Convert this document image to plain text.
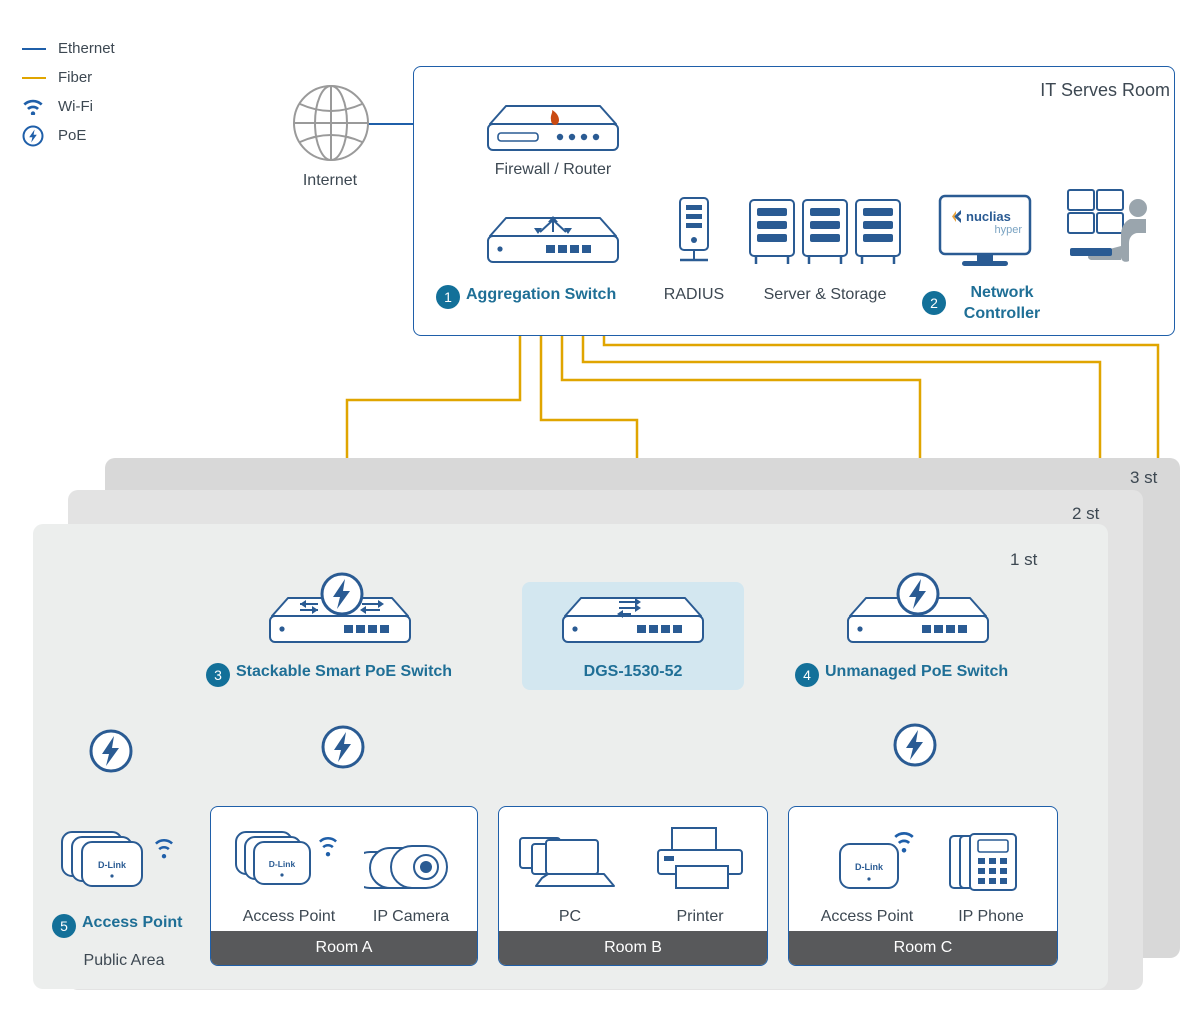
Ethernet
Fiber
Wi-Fi
PoE
IT Serves Room
Internet
Firewall / Router
1 Aggregation Switch	RADIUS	Server & Storage
nuclias
hyper
2
Network
Controller
3 st
2 st
1 st
3 Stackable Smart PoE Switch	DGS-1530-52	4 Unmanaged PoE Switch
D-Link
5 Access Point
Public Area
Room A
D-Link
Access Point	IP Camera
Room B
PC	Printer
Room C
D-Link
Access Point	IP Phone
